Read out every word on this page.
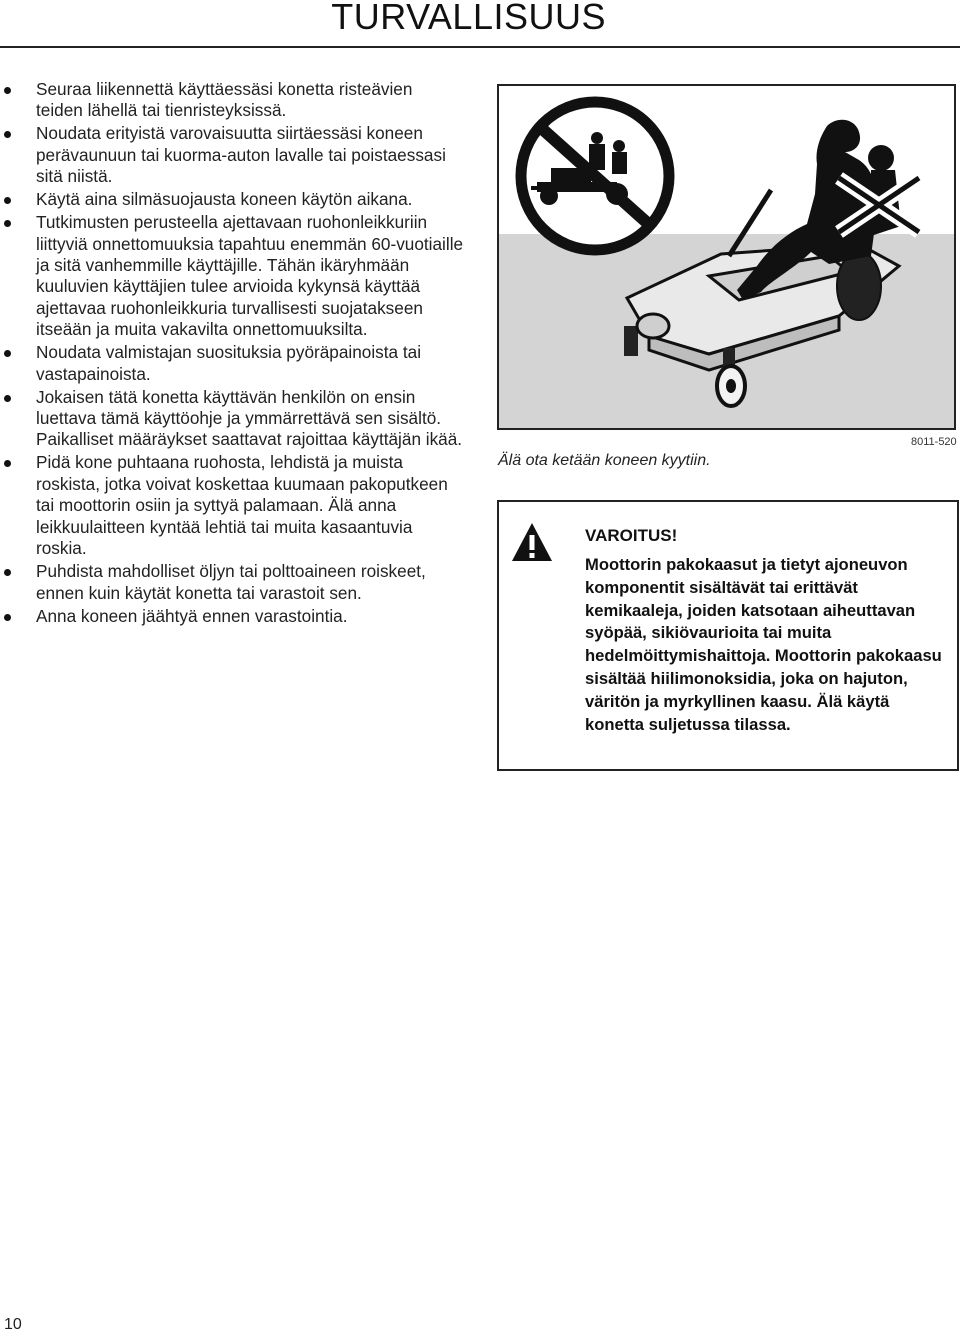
TURVALLISUUS
Seuraa liikennettä käyttäessäsi konetta risteävien teiden lähellä tai tienristeyksissä.
Noudata erityistä varovaisuutta siirtäessäsi koneen perävaunuun tai kuorma-auton lavalle tai poistaessasi sitä niistä.
Käytä aina silmäsuojausta koneen käytön aikana.
Tutkimusten perusteella ajettavaan ruohonleikkuriin liittyviä onnettomuuksia tapahtuu enemmän 60-vuotiaille ja sitä vanhemmille käyttäjille. Tähän ikäryhmään kuuluvien käyttäjien tulee arvioida kykynsä käyttää ajettavaa ruohonleikkuria turvallisesti suojatakseen itseään ja muita vakavilta onnettomuuksilta.
Noudata valmistajan suosituksia pyöräpainoista tai vastapainoista.
Jokaisen tätä konetta käyttävän henkilön on ensin luettava tämä käyttöohje ja ymmärrettävä sen sisältö. Paikalliset määräykset saattavat rajoittaa käyttäjän ikää.
Pidä kone puhtaana ruohosta, lehdistä ja muista roskista, jotka voivat koskettaa kuumaan pakoputkeen tai moottorin osiin ja syttyä palamaan. Älä anna leikkuulaitteen kyntää lehtiä tai muita kasaantuvia roskia.
Puhdista mahdolliset öljyn tai polttoaineen roiskeet, ennen kuin käytät konetta tai varastoit sen.
Anna koneen jäähtyä ennen varastointia.
Älä ota ketään koneen kyytiin.
8011-520
VAROITUS!
Moottorin pakokaasut ja tietyt ajoneuvon komponentit sisältävät tai erittävät kemikaaleja, joiden katsotaan aiheuttavan syöpää, sikiövaurioita tai muita hedelmöittymishaittoja. Moottorin pakokaasu sisältää hiilimonoksidia, joka on hajuton, väritön ja myrkyllinen kaasu. Älä käytä konetta suljetussa tilassa.
10
